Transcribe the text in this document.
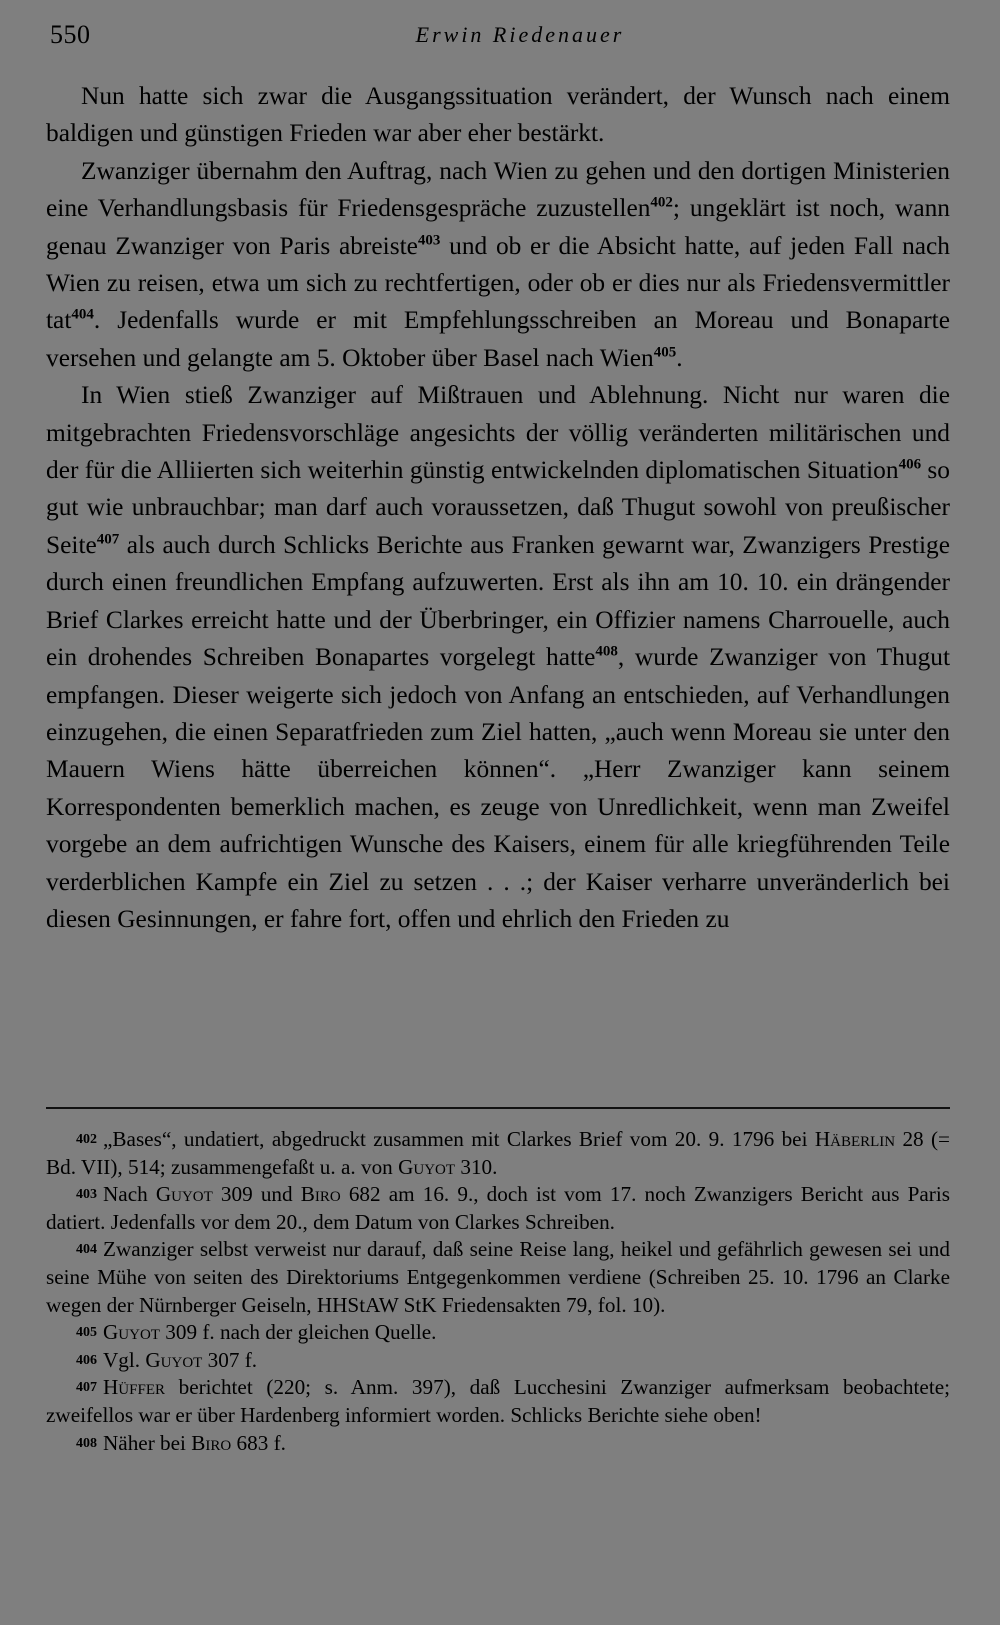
550	Erwin Riedenauer

Nun hatte sich zwar die Ausgangssituation verändert, der Wunsch nach einem baldigen und günstigen Frieden war aber eher bestärkt.

Zwanziger übernahm den Auftrag, nach Wien zu gehen und den dortigen Ministerien eine Verhandlungsbasis für Friedensgespräche zuzustellen$^{402}$; ungeklärt ist noch, wann genau Zwanziger von Paris abreiste$^{403}$ und ob er die Absicht hatte, auf jeden Fall nach Wien zu reisen, etwa um sich zu rechtfertigen, oder ob er dies nur als Friedensvermittler tat$^{404}$. Jedenfalls wurde er mit Empfehlungsschreiben an Moreau und Bonaparte versehen und gelangte am 5. Oktober über Basel nach Wien$^{405}$.

In Wien stieß Zwanziger auf Mißtrauen und Ablehnung. Nicht nur waren die mitgebrachten Friedensvorschläge angesichts der völlig veränderten militärischen und der für die Alliierten sich weiterhin günstig entwickelnden diplomatischen Situation$^{406}$ so gut wie unbrauchbar; man darf auch voraussetzen, daß Thugut sowohl von preußischer Seite$^{407}$ als auch durch Schlicks Berichte aus Franken gewarnt war, Zwanzigers Prestige durch einen freundlichen Empfang aufzuwerten. Erst als ihn am 10. 10. ein drängender Brief Clarkes erreicht hatte und der Überbringer, ein Offizier namens Charrouelle, auch ein drohendes Schreiben Bonapartes vorgelegt hatte$^{408}$, wurde Zwanziger von Thugut empfangen. Dieser weigerte sich jedoch von Anfang an entschieden, auf Verhandlungen einzugehen, die einen Separatfrieden zum Ziel hatten, „auch wenn Moreau sie unter den Mauern Wiens hätte überreichen können“. „Herr Zwanziger kann seinem Korrespondenten bemerklich machen, es zeuge von Unredlichkeit, wenn man Zweifel vorgebe an dem aufrichtigen Wunsche des Kaisers, einem für alle kriegführenden Teile verderblichen Kampfe ein Ziel zu setzen . . .; der Kaiser verharre unveränderlich bei diesen Gesinnungen, er fahre fort, offen und ehrlich den Frieden zu

402 „Bases“, undatiert, abgedruckt zusammen mit Clarkes Brief vom 20. 9. 1796 bei Häberlin 28 (= Bd. VII), 514; zusammengefaßt u. a. von Guyot 310.

403 Nach Guyot 309 und Biro 682 am 16. 9., doch ist vom 17. noch Zwanzigers Bericht aus Paris datiert. Jedenfalls vor dem 20., dem Datum von Clarkes Schreiben.

404 Zwanziger selbst verweist nur darauf, daß seine Reise lang, heikel und gefährlich gewesen sei und seine Mühe von seiten des Direktoriums Entgegenkommen verdiene (Schreiben 25. 10. 1796 an Clarke wegen der Nürnberger Geiseln, HHStAW StK Friedensakten 79, fol. 10).

405 Guyot 309 f. nach der gleichen Quelle.

406 Vgl. Guyot 307 f.

407 Hüffer berichtet (220; s. Anm. 397), daß Lucchesini Zwanziger aufmerksam beobachtete; zweifellos war er über Hardenberg informiert worden. Schlicks Berichte siehe oben!

408 Näher bei Biro 683 f.
